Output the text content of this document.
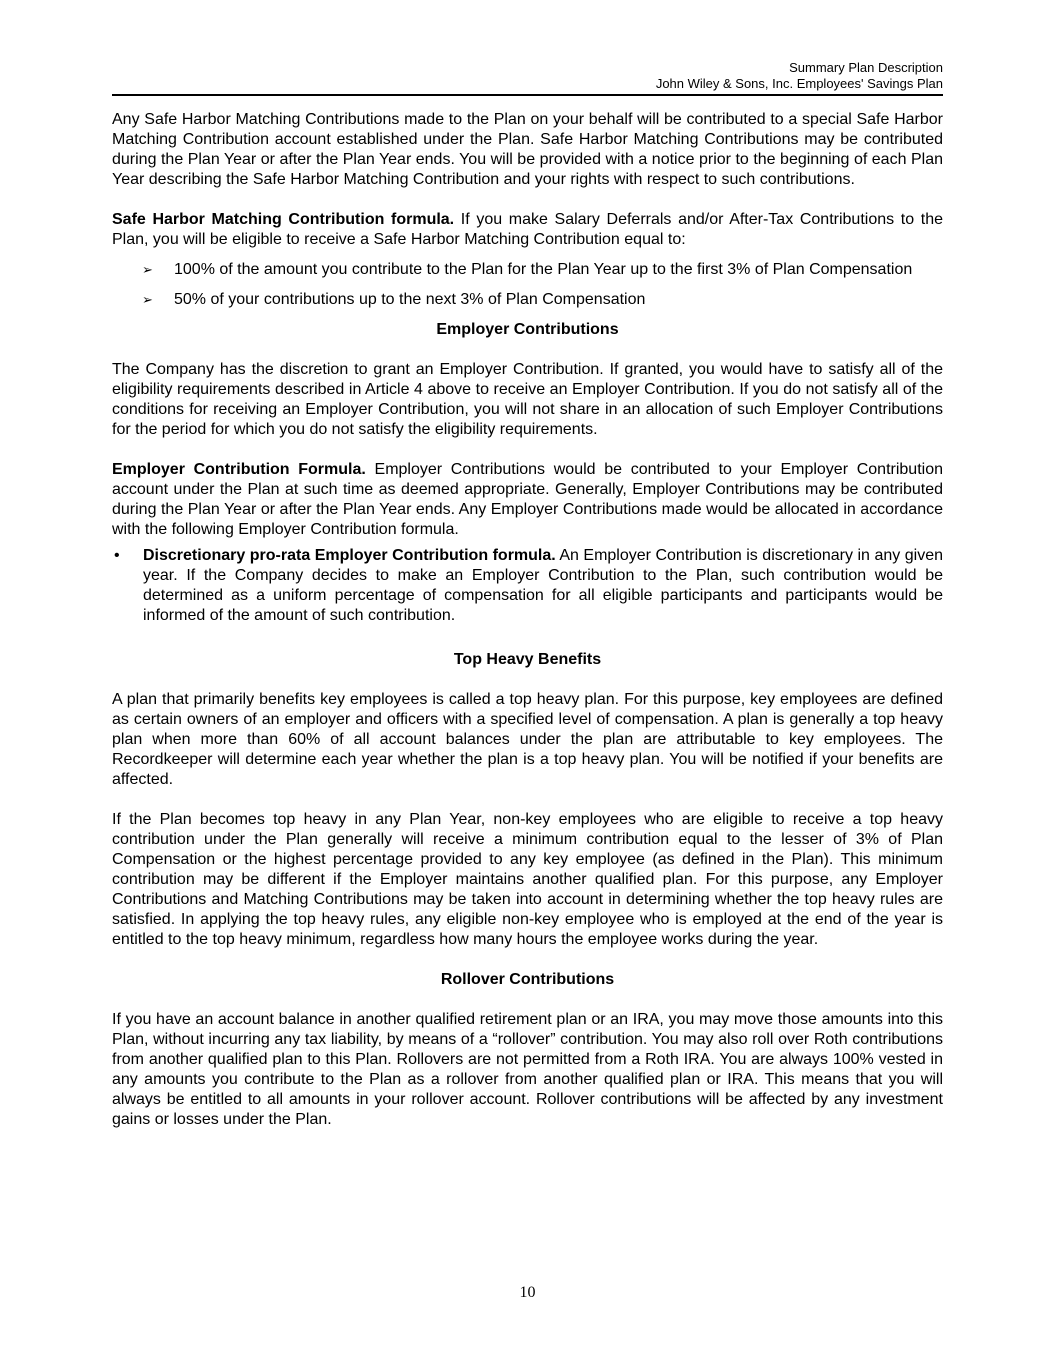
Summary Plan Description
John Wiley & Sons, Inc. Employees' Savings Plan

Any Safe Harbor Matching Contributions made to the Plan on your behalf will be contributed to a special Safe Harbor Matching Contribution account established under the Plan. Safe Harbor Matching Contributions may be contributed during the Plan Year or after the Plan Year ends. You will be provided with a notice prior to the beginning of each Plan Year describing the Safe Harbor Matching Contribution and your rights with respect to such contributions.

Safe Harbor Matching Contribution formula. If you make Salary Deferrals and/or After-Tax Contributions to the Plan, you will be eligible to receive a Safe Harbor Matching Contribution equal to:

➢ 100% of the amount you contribute to the Plan for the Plan Year up to the first 3% of Plan Compensation
➢ 50% of your contributions up to the next 3% of Plan Compensation
Employer Contributions

The Company has the discretion to grant an Employer Contribution. If granted, you would have to satisfy all of the eligibility requirements described in Article 4 above to receive an Employer Contribution. If you do not satisfy all of the conditions for receiving an Employer Contribution, you will not share in an allocation of such Employer Contributions for the period for which you do not satisfy the eligibility requirements.

Employer Contribution Formula. Employer Contributions would be contributed to your Employer Contribution account under the Plan at such time as deemed appropriate. Generally, Employer Contributions may be contributed during the Plan Year or after the Plan Year ends. Any Employer Contributions made would be allocated in accordance with the following Employer Contribution formula.

• Discretionary pro-rata Employer Contribution formula. An Employer Contribution is discretionary in any given year. If the Company decides to make an Employer Contribution to the Plan, such contribution would be determined as a uniform percentage of compensation for all eligible participants and participants would be informed of the amount of such contribution.
Top Heavy Benefits

A plan that primarily benefits key employees is called a top heavy plan. For this purpose, key employees are defined as certain owners of an employer and officers with a specified level of compensation. A plan is generally a top heavy plan when more than 60% of all account balances under the plan are attributable to key employees. The Recordkeeper will determine each year whether the plan is a top heavy plan. You will be notified if your benefits are affected.

If the Plan becomes top heavy in any Plan Year, non-key employees who are eligible to receive a top heavy contribution under the Plan generally will receive a minimum contribution equal to the lesser of 3% of Plan Compensation or the highest percentage provided to any key employee (as defined in the Plan). This minimum contribution may be different if the Employer maintains another qualified plan. For this purpose, any Employer Contributions and Matching Contributions may be taken into account in determining whether the top heavy rules are satisfied. In applying the top heavy rules, any eligible non-key employee who is employed at the end of the year is entitled to the top heavy minimum, regardless how many hours the employee works during the year.

Rollover Contributions

If you have an account balance in another qualified retirement plan or an IRA, you may move those amounts into this Plan, without incurring any tax liability, by means of a “rollover” contribution. You may also roll over Roth contributions from another qualified plan to this Plan. Rollovers are not permitted from a Roth IRA. You are always 100% vested in any amounts you contribute to the Plan as a rollover from another qualified plan or IRA. This means that you will always be entitled to all amounts in your rollover account. Rollover contributions will be affected by any investment gains or losses under the Plan.

10
